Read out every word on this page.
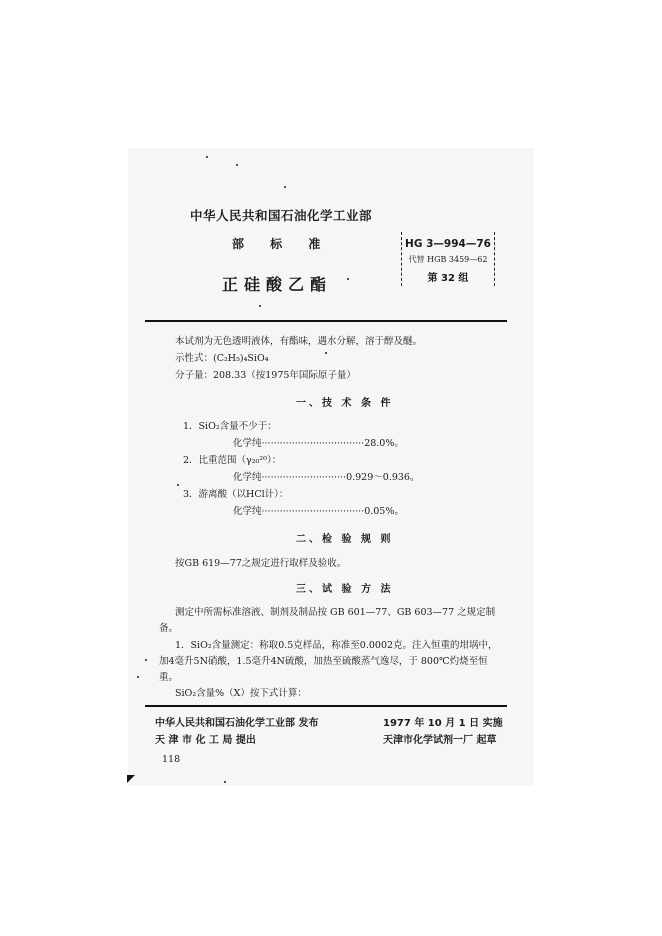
中华人民共和国石油化学工业部
部 标 准
正硅酸乙酯
HG 3—994—76
代替 HGB 3459—62
第 32 组
本试剂为无色透明液体，有酯味，遇水分解，溶于醇及醚。
示性式：(C₂H₅)₄SiO₄
分子量：208.33（按1975年国际原子量）
一、技 术 条 件
1．SiO₂含量不少于：
化学纯··································28.0%。
2．比重范围（γ₂₀²⁰）：
化学纯····························0.929～0.936。
3．游离酸（以HCl计）：
化学纯··································0.05%。
二、检 验 规 则
按GB 619—77之规定进行取样及验收。
三、试 验 方 法
测定中所需标准溶液、制剂及制品按 GB 601—77、GB 603—77 之规定制
备。
1．SiO₂含量测定：称取0.5克样品，称准至0.0002克。注入恒重的坩埚中，
加4毫升5N硝酸，1.5毫升4N硫酸，加热至硫酸蒸气逸尽，于 800℃灼烧至恒
重。
SiO₂含量%（X）按下式计算：
中华人民共和国石油化学工业部 发布	1977 年 10 月 1 日 实施
天 津 市 化 工 局 提出	天津市化学试剂一厂 起草
118
